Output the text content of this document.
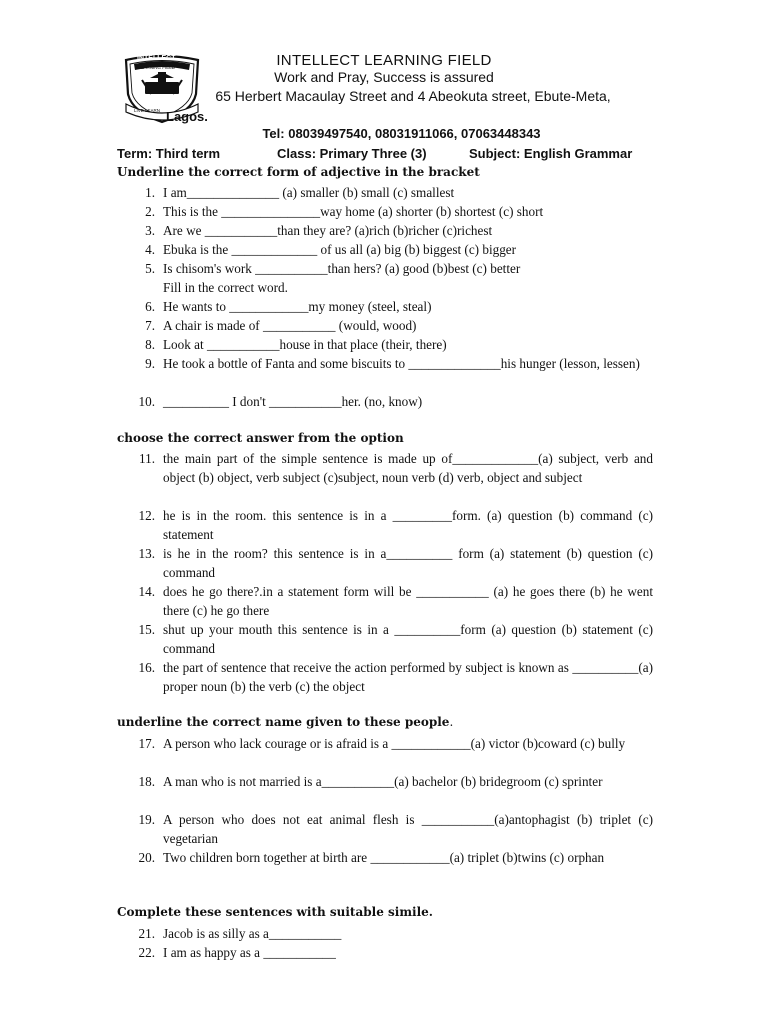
INTELLECT
LEARNING FIELD
LIVE LEARN
INTELLECT LEARNING FIELD
Work and Pray, Success is assured
65 Herbert Macaulay Street and 4 Abeokuta street, Ebute-Meta,
Lagos.
Tel: 08039497540, 08031911066, 07063448343
Term: Third term	Class: Primary Three (3)	Subject: English Grammar
Underline the correct form of adjective in the bracket
1. I am______________ (a) smaller (b) small (c) smallest
2. This is the _______________way home (a) shorter (b) shortest (c) short
3. Are we ___________than they are? (a)rich (b)richer (c)richest
4. Ebuka is the _____________ of us all (a) big (b) biggest (c) bigger
5. Is chisom's work ___________than hers? (a) good (b)best (c) better
Fill in the correct word.
6. He wants to ____________my money (steel, steal)
7. A chair is made of ___________ (would, wood)
8. Look at ___________house in that place (their, there)
9. He took a bottle of Fanta and some biscuits to ______________his hunger (lesson, lessen)
10. __________ I don't ___________her. (no, know)
choose the correct answer from the option
11. the main part of the simple sentence is made up of_____________(a) subject, verb and object (b) object, verb subject (c)subject, noun verb (d) verb, object and subject
12. he is in the room. this sentence is in a _________form. (a) question (b) command (c) statement
13. is he in the room? this sentence is in a__________ form (a) statement (b) question (c) command
14. does he go there?.in a statement form will be ___________ (a) he goes there (b) he went there (c) he go there
15. shut up your mouth this sentence is in a __________form (a) question (b) statement (c) command
16. the part of sentence that receive the action performed by subject is known as __________(a) proper noun (b) the verb (c) the object
underline the correct name given to these people.
17. A person who lack courage or is afraid is a ____________(a) victor (b)coward (c) bully
18. A man who is not married is a___________(a) bachelor (b) bridegroom (c) sprinter
19. A person who does not eat animal flesh is ___________(a)antophagist (b) triplet (c) vegetarian
20. Two children born together at birth are ____________(a) triplet (b)twins (c) orphan
Complete these sentences with suitable simile.
21. Jacob is as silly as a___________
22. I am as happy as a ___________
